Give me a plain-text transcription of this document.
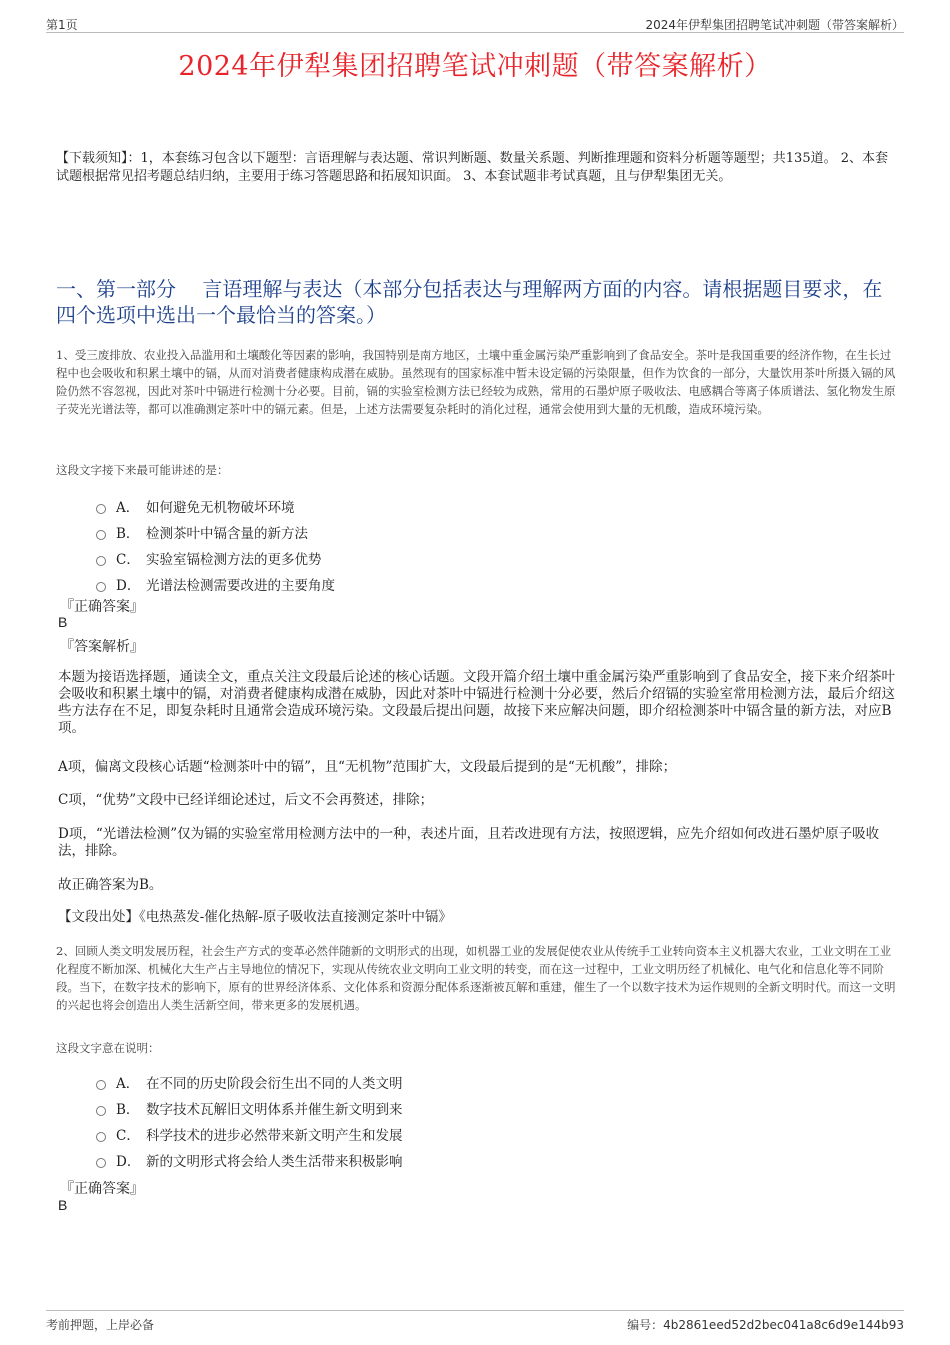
第1页	2024年伊犁集团招聘笔试冲刺题（带答案解析）
2024年伊犁集团招聘笔试冲刺题（带答案解析）
【下载须知】：1，本套练习包含以下题型：言语理解与表达题、常识判断题、数量关系题、判断推理题和资料分析题等题型；共135道。 2、本套试题根据常见招考题总结归纳，主要用于练习答题思路和拓展知识面。 3、本套试题非考试真题，且与伊犁集团无关。
一、第一部分　 言语理解与表达（本部分包括表达与理解两方面的内容。请根据题目要求，在四个选项中选出一个最恰当的答案。）
1、受三废排放、农业投入品滥用和土壤酸化等因素的影响，我国特别是南方地区，土壤中重金属污染严重影响到了食品安全。茶叶是我国重要的经济作物，在生长过程中也会吸收和积累土壤中的镉，从而对消费者健康构成潜在威胁。虽然现有的国家标准中暂未设定镉的污染限量，但作为饮食的一部分，大量饮用茶叶所摄入镉的风险仍然不容忽视，因此对茶叶中镉进行检测十分必要。目前，镉的实验室检测方法已经较为成熟，常用的石墨炉原子吸收法、电感耦合等离子体质谱法、氢化物发生原子荧光光谱法等，都可以准确测定茶叶中的镉元素。但是，上述方法需要复杂耗时的消化过程，通常会使用到大量的无机酸，造成环境污染。
这段文字接下来最可能讲述的是：
A． 如何避免无机物破坏环境
B． 检测茶叶中镉含量的新方法
C． 实验室镉检测方法的更多优势
D． 光谱法检测需要改进的主要角度
『正确答案』
B
『答案解析』
本题为接语选择题，通读全文，重点关注文段最后论述的核心话题。文段开篇介绍土壤中重金属污染严重影响到了食品安全，接下来介绍茶叶会吸收和积累土壤中的镉，对消费者健康构成潜在威胁，因此对茶叶中镉进行检测十分必要，然后介绍镉的实验室常用检测方法，最后介绍这些方法存在不足，即复杂耗时且通常会造成环境污染。文段最后提出问题，故接下来应解决问题，即介绍检测茶叶中镉含量的新方法，对应B项。
A项，偏离文段核心话题“检测茶叶中的镉”，且“无机物”范围扩大，文段最后提到的是“无机酸”，排除；
C项，“优势”文段中已经详细论述过，后文不会再赘述，排除；
D项，“光谱法检测”仅为镉的实验室常用检测方法中的一种，表述片面，且若改进现有方法，按照逻辑，应先介绍如何改进石墨炉原子吸收法，排除。
故正确答案为B。
【文段出处】《电热蒸发-催化热解-原子吸收法直接测定茶叶中镉》
2、回顾人类文明发展历程，社会生产方式的变革必然伴随新的文明形式的出现，如机器工业的发展促使农业从传统手工业转向资本主义机器大农业，工业文明在工业化程度不断加深、机械化大生产占主导地位的情况下，实现从传统农业文明向工业文明的转变，而在这一过程中，工业文明历经了机械化、电气化和信息化等不同阶段。当下，在数字技术的影响下，原有的世界经济体系、文化体系和资源分配体系逐渐被瓦解和重建，催生了一个以数字技术为运作规则的全新文明时代。而这一文明的兴起也将会创造出人类生活新空间，带来更多的发展机遇。
这段文字意在说明：
A． 在不同的历史阶段会衍生出不同的人类文明
B． 数字技术瓦解旧文明体系并催生新文明到来
C． 科学技术的进步必然带来新文明产生和发展
D． 新的文明形式将会给人类生活带来积极影响
『正确答案』
B
考前押题，上岸必备	编号：4b2861eed52d2bec041a8c6d9e144b93
